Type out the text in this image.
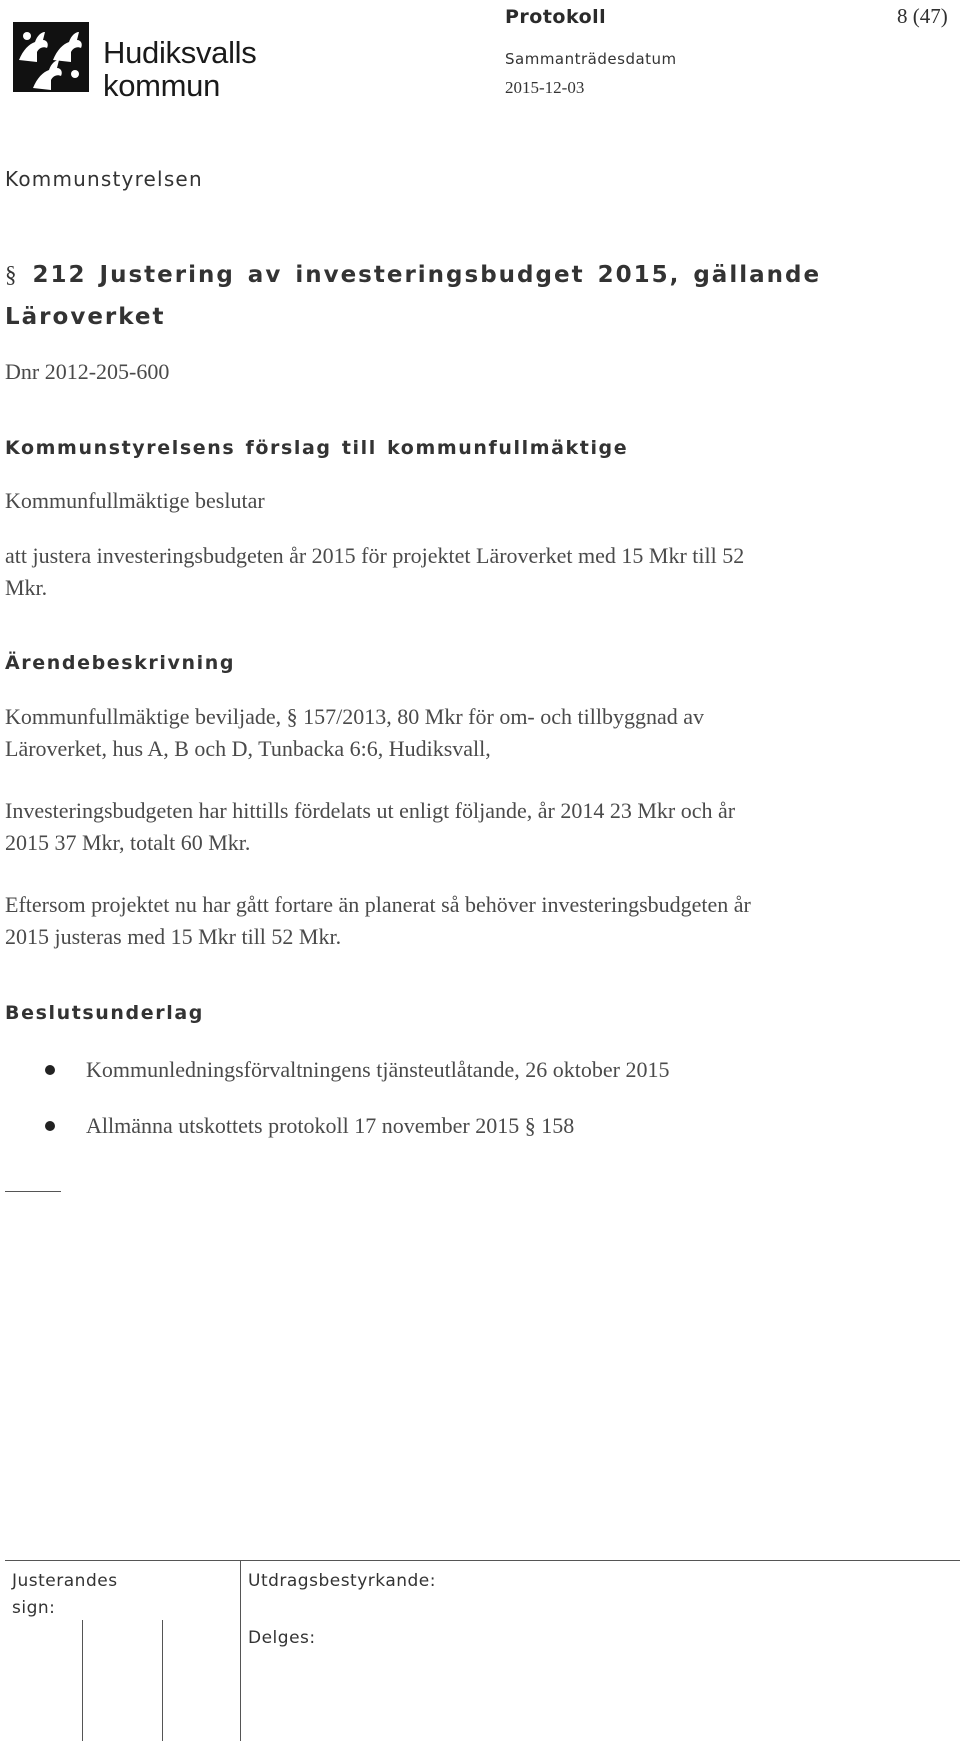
Hudiksvalls
kommun
Protokoll	8 (47)
Sammanträdesdatum
2015-12-03
Kommunstyrelsen
§ 212 Justering av investeringsbudget 2015, gällande Läroverket
Dnr 2012-205-600
Kommunstyrelsens förslag till kommunfullmäktige
Kommunfullmäktige beslutar
att justera investeringsbudgeten år 2015 för projektet Läroverket med 15 Mkr till 52
Mkr.
Ärendebeskrivning
Kommunfullmäktige beviljade, § 157/2013, 80 Mkr för om- och tillbyggnad av
Läroverket, hus A, B och D, Tunbacka 6:6, Hudiksvall,
Investeringsbudgeten har hittills fördelats ut enligt följande, år 2014 23 Mkr och år
2015 37 Mkr, totalt 60 Mkr.
Eftersom projektet nu har gått fortare än planerat så behöver investeringsbudgeten år
2015 justeras med 15 Mkr till 52 Mkr.
Beslutsunderlag
Kommunledningsförvaltningens tjänsteutlåtande, 26 oktober 2015
Allmänna utskottets protokoll 17 november 2015 § 158
Justerandes
sign:
Utdragsbestyrkande:
Delges:
